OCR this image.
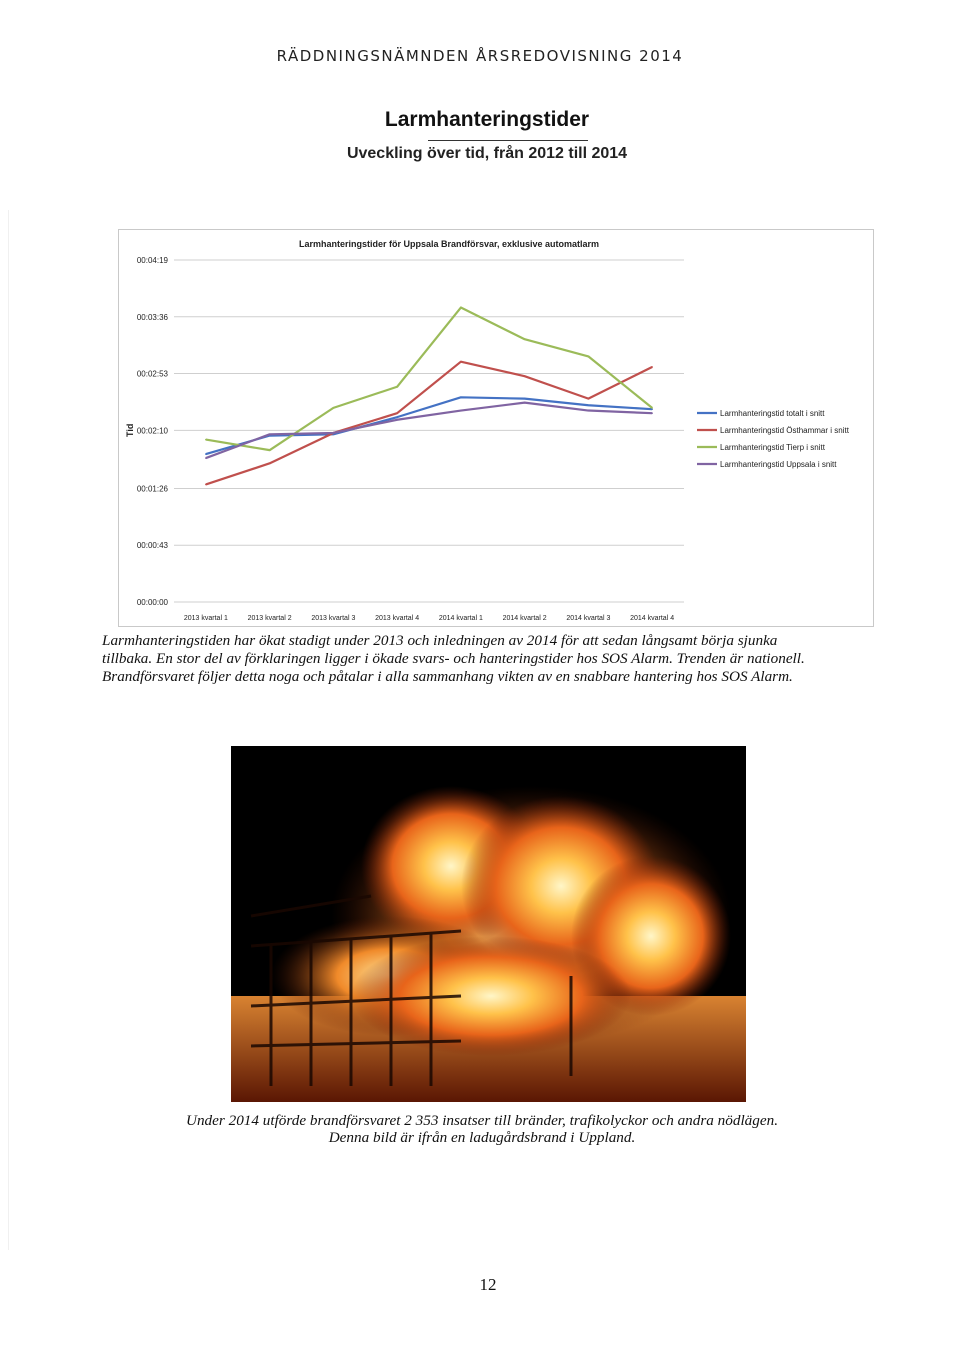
RÄDDNINGSNÄMNDEN ÅRSREDOVISNING 2014
Larmhanteringstider
Uveckling över tid, från 2012 till 2014
00:00:00
00:00:43
00:01:26
00:02:10
00:02:53
00:03:36
00:04:19
Tid
Larmhanteringstider för Uppsala Brandförsvar, exklusive automatlarm
2013 kvartal 1	2013 kvartal 2	2013 kvartal 3	2013 kvartal 4	2014 kvartal 1	2014 kvartal 2	2014 kvartal 3	2014 kvartal 4
Larmhanteringstid totalt i snitt
Larmhanteringstid Östhammar i snitt
Larmhanteringstid Tierp i snitt
Larmhanteringstid Uppsala i snitt
Larmhanteringstiden har ökat stadigt under 2013 och inledningen av 2014 för att sedan långsamt börja sjunka
tillbaka. En stor del av förklaringen ligger i ökade svars- och hanteringstider hos SOS Alarm. Trenden är nationell.
Brandförsvaret följer detta noga och påtalar i alla sammanhang vikten av en snabbare hantering hos SOS Alarm.
Under 2014 utförde brandförsvaret 2 353 insatser till bränder, trafikolyckor och andra nödlägen.
Denna bild är ifrån en ladugårdsbrand i Uppland.
12
